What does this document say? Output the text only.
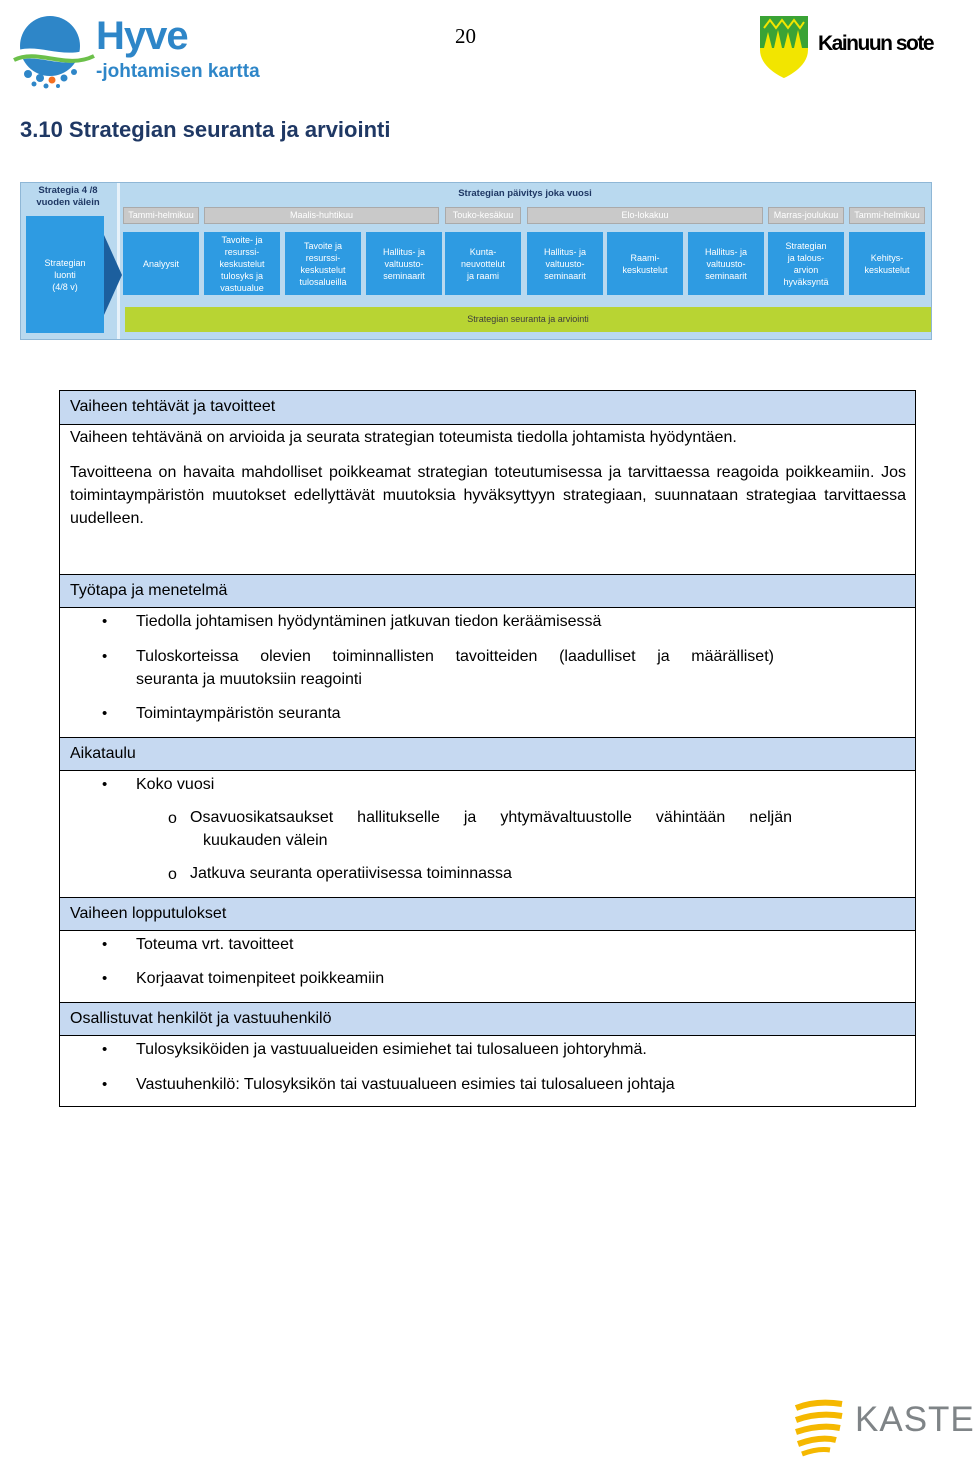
Hyve
-johtamisen kartta
20	Kainuun sote
3.10 Strategian seuranta ja arviointi
Strategia 4 /8
vuoden välein
Strategian päivitys joka vuosi
Tammi-helmikuu	Maalis-huhtikuu	Touko-kesäkuu	Elo-lokakuu	Marras-joulukuu	Tammi-helmikuu
Strategian
luonti
(4/8 v)
Analyysit
Tavoite- ja
resurssi-
keskustelut
tulosyks ja
vastuualue
Tavoite ja
resurssi-
keskustelut
tulosalueilla
Hallitus- ja
valtuusto-
seminaarit
Kunta-
neuvottelut
ja raami
Hallitus- ja
valtuusto-
seminaarit
Raami-
keskustelut
Hallitus- ja
valtuusto-
seminaarit
Strategian
ja talous-
arvion
hyväksyntä
Kehitys-
keskustelut
Strategian seuranta ja arviointi
Vaiheen tehtävät ja tavoitteet
Vaiheen tehtävänä on arvioida ja seurata strategian toteumista tiedolla johtamista hyödyntäen.
Tavoitteena on havaita mahdolliset poikkeamat strategian toteutumisessa ja tarvittaessa reagoida poikkeamiin. Jos toimintaympäristön muutokset edellyttävät muutoksia hyväksyttyyn strategiaan, suunnataan strategiaa tarvittaessa uudelleen.
Työtapa ja menetelmä
• Tiedolla johtamisen hyödyntäminen jatkuvan tiedon keräämisessä
• Tuloskorteissa olevien toiminnallisten tavoitteiden (laadulliset ja määrälliset)
seuranta ja muutoksiin reagointi
• Toimintaympäristön seuranta
Aikataulu
• Koko vuosi
o Osavuosikatsaukset hallitukselle ja yhtymävaltuustolle vähintään neljän
kuukauden välein
o Jatkuva seuranta operatiivisessa toiminnassa
Vaiheen lopputulokset
• Toteuma vrt. tavoitteet
• Korjaavat toimenpiteet poikkeamiin
Osallistuvat henkilöt ja vastuuhenkilö
• Tulosyksiköiden ja vastuualueiden esimiehet tai tulosalueen johtoryhmä.
• Vastuuhenkilö: Tulosyksikön tai vastuualueen esimies tai tulosalueen johtaja
KASTE
